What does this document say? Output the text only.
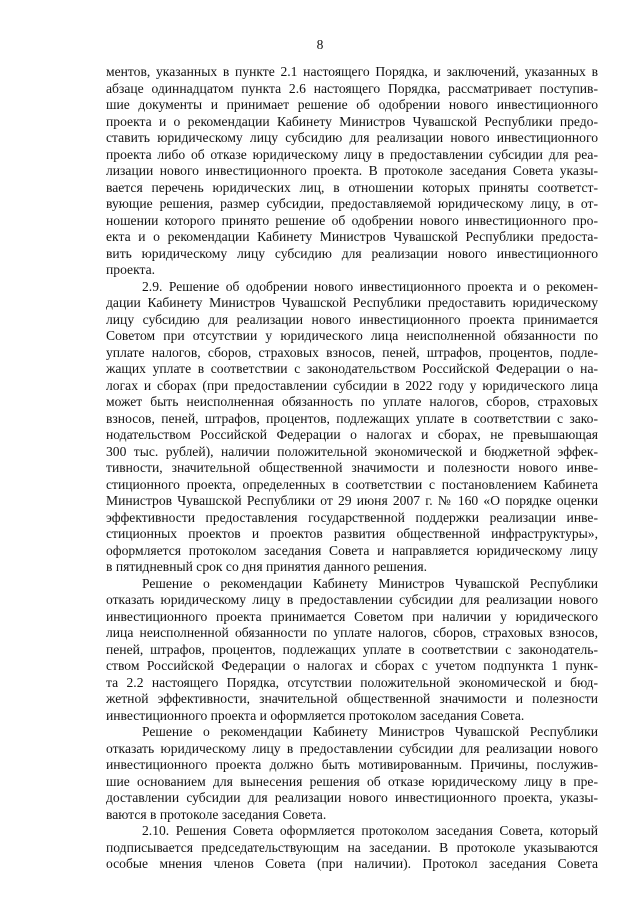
8

ментов, указанных в пункте 2.1 настоящего Порядка, и заключений, указанных в

абзаце одиннадцатом пункта 2.6 настоящего Порядка, рассматривает поступив-

шие документы и принимает решение об одобрении нового инвестиционного

проекта и о рекомендации Кабинету Министров Чувашской Республики предо-

ставить юридическому лицу субсидию для реализации нового инвестиционного

проекта либо об отказе юридическому лицу в предоставлении субсидии для реа-

лизации нового инвестиционного проекта. В протоколе заседания Совета указы-

вается перечень юридических лиц, в отношении которых приняты соответст-

вующие решения, размер субсидии, предоставляемой юридическому лицу, в от-

ношении которого принято решение об одобрении нового инвестиционного про-

екта и о рекомендации Кабинету Министров Чувашской Республики предоста-

вить юридическому лицу субсидию для реализации нового инвестиционного

проекта.

2.9. Решение об одобрении нового инвестиционного проекта и о рекомен-

дации Кабинету Министров Чувашской Республики предоставить юридическому

лицу субсидию для реализации нового инвестиционного проекта принимается

Советом при отсутствии у юридического лица неисполненной обязанности по

уплате налогов, сборов, страховых взносов, пеней, штрафов, процентов, подле-

жащих уплате в соответствии с законодательством Российской Федерации о на-

логах и сборах (при предоставлении субсидии в 2022 году у юридического лица

может быть неисполненная обязанность по уплате налогов, сборов, страховых

взносов, пеней, штрафов, процентов, подлежащих уплате в соответствии с зако-

нодательством Российской Федерации о налогах и сборах, не превышающая

300 тыс. рублей), наличии положительной экономической и бюджетной эффек-

тивности, значительной общественной значимости и полезности нового инве-

стиционного проекта, определенных в соответствии с постановлением Кабинета

Министров Чувашской Республики от 29 июня 2007 г. № 160 «О порядке оценки

эффективности предоставления государственной поддержки реализации инве-

стиционных проектов и проектов развития общественной инфраструктуры»,

оформляется протоколом заседания Совета и направляется юридическому лицу

в пятидневный срок со дня принятия данного решения.

Решение о рекомендации Кабинету Министров Чувашской Республики

отказать юридическому лицу в предоставлении субсидии для реализации нового

инвестиционного проекта принимается Советом при наличии у юридического

лица неисполненной обязанности по уплате налогов, сборов, страховых взносов,

пеней, штрафов, процентов, подлежащих уплате в соответствии с законодатель-

ством Российской Федерации о налогах и сборах с учетом подпункта 1 пунк-

та 2.2 настоящего Порядка, отсутствии положительной экономической и бюд-

жетной эффективности, значительной общественной значимости и полезности

инвестиционного проекта и оформляется протоколом заседания Совета.

Решение о рекомендации Кабинету Министров Чувашской Республики

отказать юридическому лицу в предоставлении субсидии для реализации нового

инвестиционного проекта должно быть мотивированным. Причины, послужив-

шие основанием для вынесения решения об отказе юридическому лицу в пре-

доставлении субсидии для реализации нового инвестиционного проекта, указы-

ваются в протоколе заседания Совета.

2.10. Решения Совета оформляется протоколом заседания Совета, который

подписывается председательствующим на заседании. В протоколе указываются

особые мнения членов Совета (при наличии). Протокол заседания Совета
